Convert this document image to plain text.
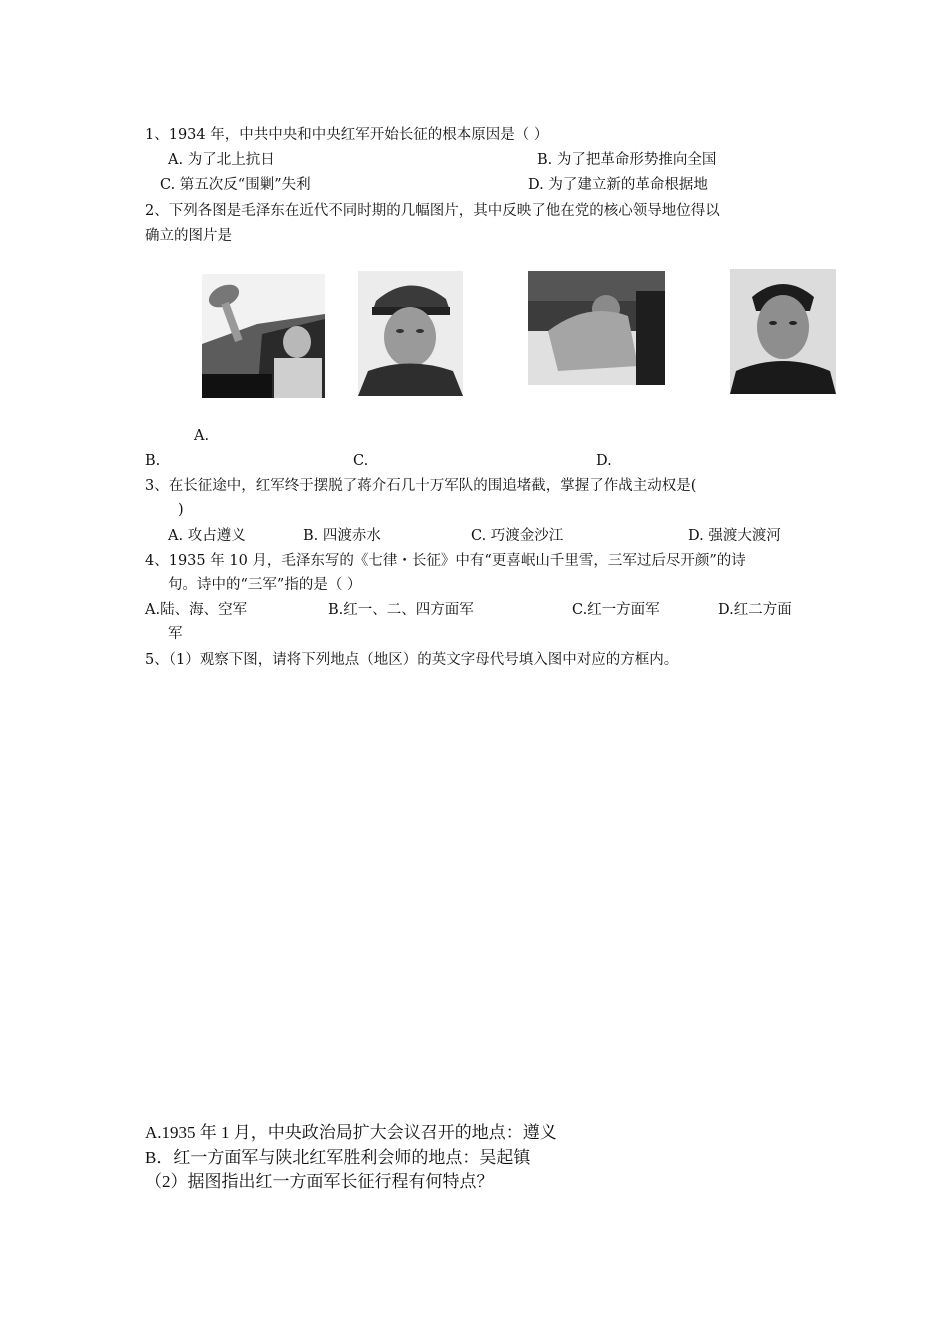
1、1934 年，中共中央和中央红军开始长征的根本原因是（ ）
A. 为了北上抗日	B. 为了把革命形势推向全国
C. 第五次反“围剿”失利	D. 为了建立新的革命根据地
2、下列各图是毛泽东在近代不同时期的几幅图片，其中反映了他在党的核心领导地位得以
确立的图片是
A.
B.	C.	D.
3、在长征途中，红军终于摆脱了蒋介石几十万军队的围追堵截，掌握了作战主动权是(
)
A. 攻占遵义	B. 四渡赤水	C. 巧渡金沙江	D. 强渡大渡河
4、1935 年 10 月，毛泽东写的《七律・长征》中有“更喜岷山千里雪，三军过后尽开颜”的诗
句。诗中的“三军”指的是（ ）
A.陆、海、空军	B.红一、二、四方面军	C.红一方面军	D.红二方面
军
5、（1）观察下图，请将下列地点（地区）的英文字母代号填入图中对应的方框内。
A.1935 年 1 月，中央政治局扩大会议召开的地点：遵义
B．红一方面军与陕北红军胜利会师的地点：吴起镇
（2）据图指出红一方面军长征行程有何特点？
